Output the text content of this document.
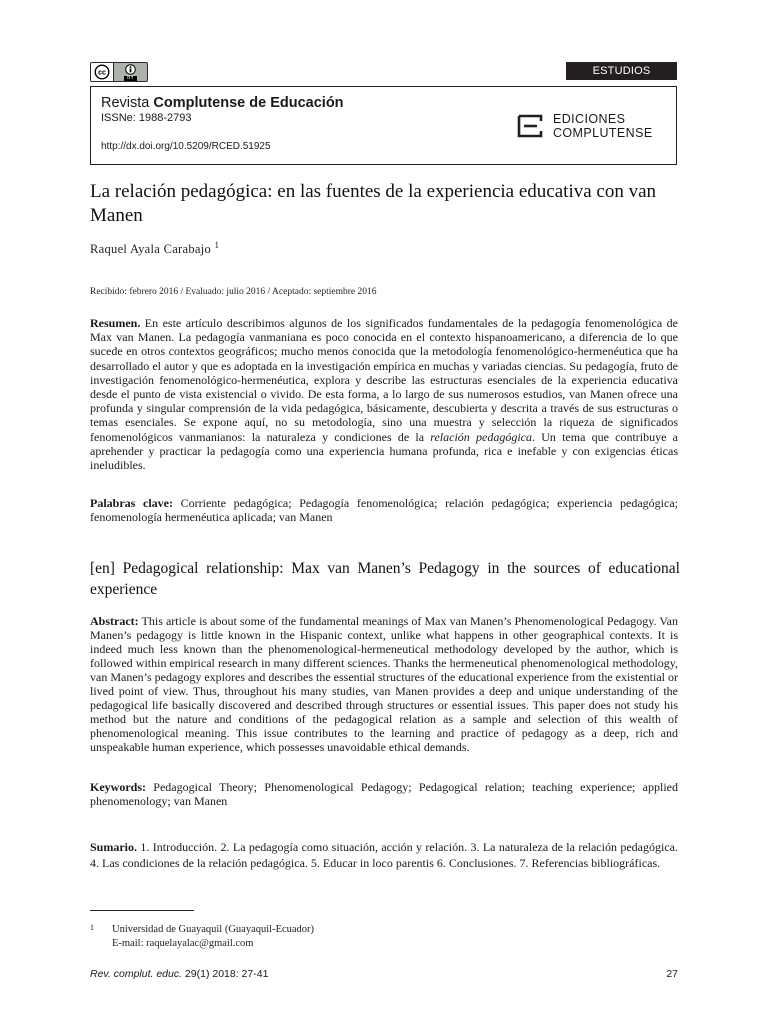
cc
BY
ESTUDIOS
Revista Complutense de Educación
ISSNe: 1988-2793
http://dx.doi.org/10.5209/RCED.51925
EDICIONES
COMPLUTENSE
La relación pedagógica: en las fuentes de la experiencia educativa con van Manen
Raquel Ayala Carabajo $^1$
Recibido: febrero 2016 / Evaluado: julio 2016 / Aceptado: septiembre 2016
Resumen. En este artículo describimos algunos de los significados fundamentales de la pedagogía fenomenológica de Max van Manen. La pedagogía vanmaniana es poco conocida en el contexto hispanoamericano, a diferencia de lo que sucede en otros contextos geográficos; mucho menos conocida que la metodología fenomenológico-hermenéutica que ha desarrollado el autor y que es adoptada en la investigación empírica en muchas y variadas ciencias. Su pedagogía, fruto de investigación fenomenológico-hermenéutica, explora y describe las estructuras esenciales de la experiencia educativa desde el punto de vista existencial o vivido. De esta forma, a lo largo de sus numerosos estudios, van Manen ofrece una profunda y singular comprensión de la vida pedagógica, básicamente, descubierta y descrita a través de sus estructuras o temas esenciales. Se expone aquí, no su metodología, sino una muestra y selección la riqueza de significados fenomenológicos vanmanianos: la naturaleza y condiciones de la relación pedagógica. Un tema que contribuye a aprehender y practicar la pedagogía como una experiencia humana profunda, rica e inefable y con exigencias éticas ineludibles.
Palabras clave: Corriente pedagógica; Pedagogía fenomenológica; relación pedagógica; experiencia pedagógica; fenomenología hermenéutica aplicada; van Manen
[en] Pedagogical relationship: Max van Manen’s Pedagogy in the sources of educational experience
Abstract: This article is about some of the fundamental meanings of Max van Manen’s Phenomenological Pedagogy. Van Manen’s pedagogy is little known in the Hispanic context, unlike what happens in other geographical contexts. It is indeed much less known than the phenomenological-hermeneutical methodology developed by the author, which is followed within empirical research in many different sciences. Thanks the hermeneutical phenomenological methodology, van Manen’s pedagogy explores and describes the essential structures of the educational experience from the existential or lived point of view. Thus, throughout his many studies, van Manen provides a deep and unique understanding of the pedagogical life basically discovered and described through structures or essential issues. This paper does not study his method but the nature and conditions of the pedagogical relation as a sample and selection of this wealth of phenomenological meaning. This issue contributes to the learning and practice of pedagogy as a deep, rich and unspeakable human experience, which possesses unavoidable ethical demands.
Keywords: Pedagogical Theory; Phenomenological Pedagogy; Pedagogical relation; teaching experience; applied phenomenology; van Manen
Sumario. 1. Introducción. 2. La pedagogía como situación, acción y relación. 3. La naturaleza de la relación pedagógica. 4. Las condiciones de la relación pedagógica. 5. Educar in loco parentis 6. Conclusiones. 7. Referencias bibliográficas.
1 Universidad de Guayaquil (Guayaquil-Ecuador)
E-mail: raquelayalac@gmail.com
Rev. complut. educ. 29(1) 2018: 27-41	27
